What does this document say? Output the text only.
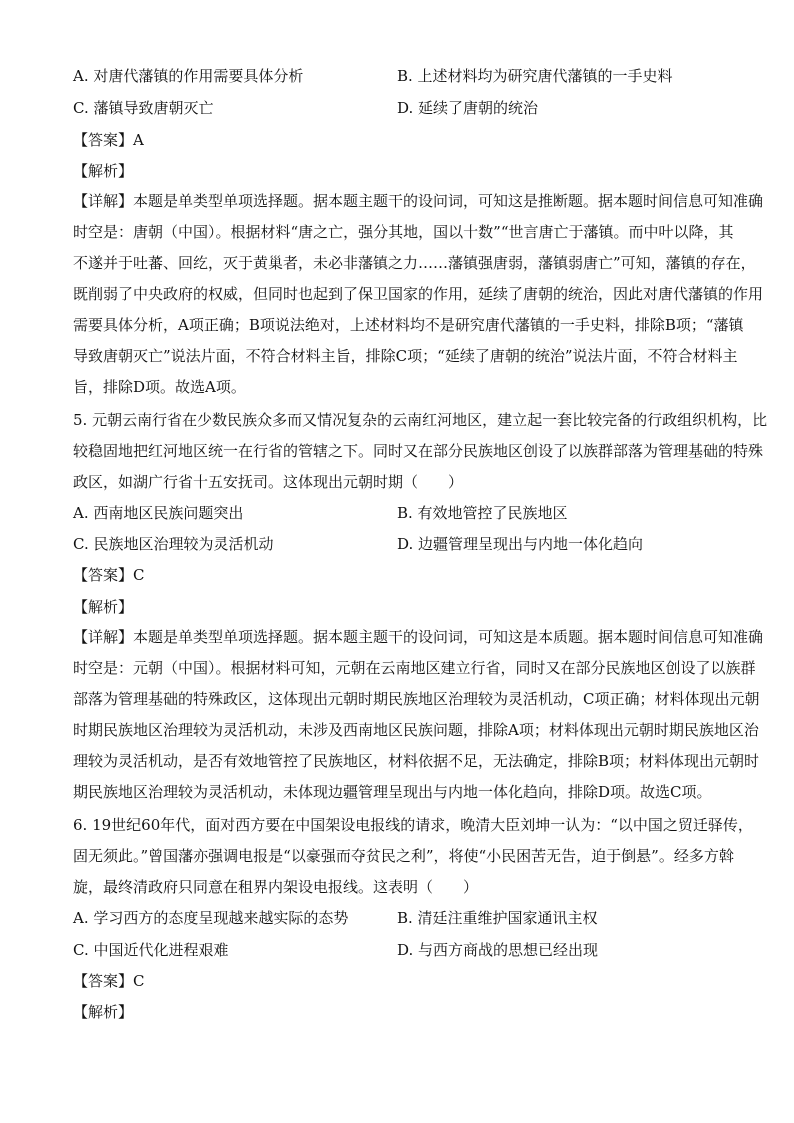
A. 对唐代藩镇的作用需要具体分析	B. 上述材料均为研究唐代藩镇的一手史料
C. 藩镇导致唐朝灭亡	D. 延续了唐朝的统治
【答案】A
【解析】
【详解】本题是单类型单项选择题。据本题主题干的设问词，可知这是推断题。据本题时间信息可知准确
时空是：唐朝（中国）。根据材料“唐之亡，强分其地，国以十数”“世言唐亡于藩镇。而中叶以降，其
不遂并于吐蕃、回纥，灭于黄巢者，未必非藩镇之力……藩镇强唐弱，藩镇弱唐亡”可知，藩镇的存在，
既削弱了中央政府的权威，但同时也起到了保卫国家的作用，延续了唐朝的统治，因此对唐代藩镇的作用
需要具体分析，A项正确；B项说法绝对，上述材料均不是研究唐代藩镇的一手史料，排除B项；“藩镇
导致唐朝灭亡”说法片面，不符合材料主旨，排除C项；“延续了唐朝的统治”说法片面，不符合材料主
旨，排除D项。故选A项。
5. 元朝云南行省在少数民族众多而又情况复杂的云南红河地区，建立起一套比较完备的行政组织机构，比
较稳固地把红河地区统一在行省的管辖之下。同时又在部分民族地区创设了以族群部落为管理基础的特殊
政区，如湖广行省十五安抚司。这体现出元朝时期（　　）
A. 西南地区民族问题突出	B. 有效地管控了民族地区
C. 民族地区治理较为灵活机动	D. 边疆管理呈现出与内地一体化趋向
【答案】C
【解析】
【详解】本题是单类型单项选择题。据本题主题干的设问词，可知这是本质题。据本题时间信息可知准确
时空是：元朝（中国）。根据材料可知，元朝在云南地区建立行省，同时又在部分民族地区创设了以族群
部落为管理基础的特殊政区，这体现出元朝时期民族地区治理较为灵活机动，C项正确；材料体现出元朝
时期民族地区治理较为灵活机动，未涉及西南地区民族问题，排除A项；材料体现出元朝时期民族地区治
理较为灵活机动，是否有效地管控了民族地区，材料依据不足，无法确定，排除B项；材料体现出元朝时
期民族地区治理较为灵活机动，未体现边疆管理呈现出与内地一体化趋向，排除D项。故选C项。
6. 19世纪60年代，面对西方要在中国架设电报线的请求，晚清大臣刘坤一认为：“以中国之贸迁驿传，
固无须此。”曾国藩亦强调电报是“以豪强而夺贫民之利”，将使“小民困苦无告，迫于倒悬”。经多方斡
旋，最终清政府只同意在租界内架设电报线。这表明（　　）
A. 学习西方的态度呈现越来越实际的态势	B. 清廷注重维护国家通讯主权
C. 中国近代化进程艰难	D. 与西方商战的思想已经出现
【答案】C
【解析】
